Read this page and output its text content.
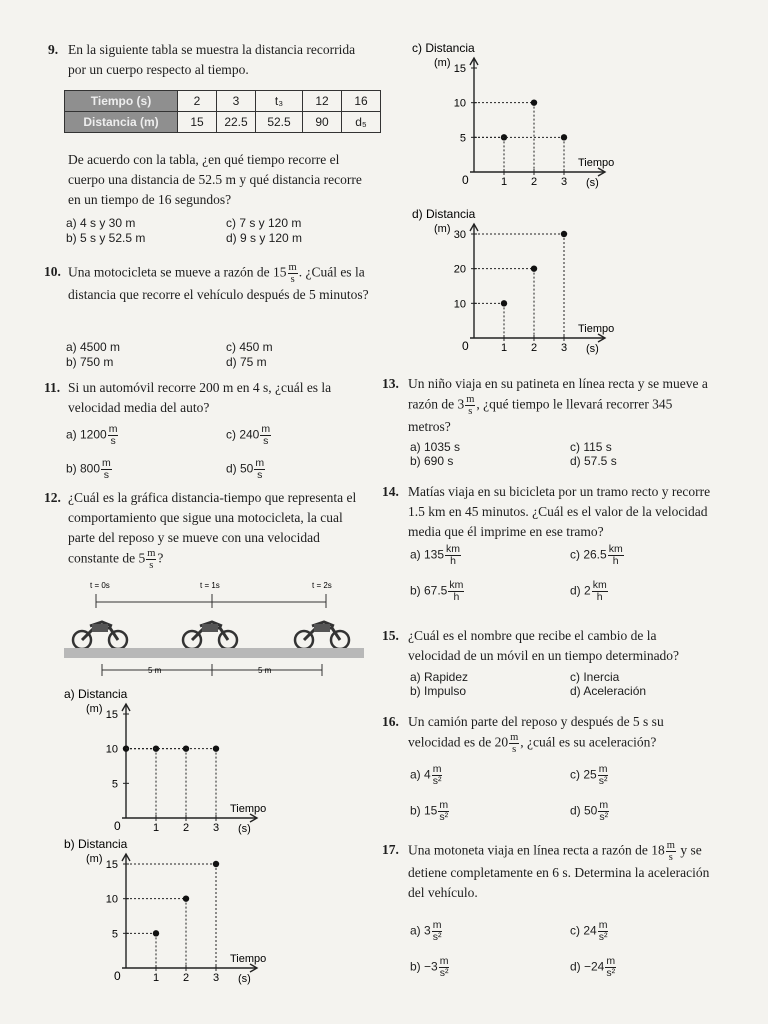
9. En la siguiente tabla se muestra la distancia recorrida por un cuerpo respecto al tiempo.
Tiempo (s)	2	3	t₃	12	16
Distancia (m)	15	22.5	52.5	90	d₅
De acuerdo con la tabla, ¿en qué tiempo recorre el cuerpo una distancia de 52.5 m y qué distancia recorre en un tiempo de 16 segundos?
a) 4 s y 30 m
b) 5 s y 52.5 m
c) 7 s y 120 m
d) 9 s y 120 m
10. Una motocicleta se mueve a razón de $15 \frac{m}{s}$ . ¿Cuál es la distancia que recorre el vehículo después de 5 minutos?
a) 4500 m
b) 750 m
c) 450 m
d) 75 m
11. Si un automóvil recorre 200 m en 4 s, ¿cuál es la velocidad media del auto?
a) $1200 \frac{m}{s}$
b) $800 \frac{m}{s}$
c) $240 \frac{m}{s}$
d) $50 \frac{m}{s}$
12. ¿Cuál es la gráfica distancia-tiempo que representa el comportamiento que sigue una motocicleta, la cual parte del reposo y se mueve con una velocidad constante de $5 \frac{m}{s}$ ?
t = 0s	t = 1s	t = 2s
5 m	5 m
a) Distancia
(m)
0
Tiempo
(s)
1 2 3
5
10
15
b) Distancia
(m)
0
Tiempo
(s)
1 2 3
5
10
15
c) Distancia
(m)
0
Tiempo
(s)
1 2 3
5
10
15
d) Distancia
(m)
0
Tiempo
(s)
1 2 3
10
20
30
13. Un niño viaja en su patineta en línea recta y se mueve a razón de $3 \frac{m}{s}$ , ¿qué tiempo le llevará recorrer 345 metros?
a) 1035 s
b) 690 s
c) 115 s
d) 57.5 s
14. Matías viaja en su bicicleta por un tramo recto y recorre 1.5 km en 45 minutos. ¿Cuál es el valor de la velocidad media que él imprime en ese tramo?
a) $135 \frac{km}{h}$
b) $67.5 \frac{km}{h}$
c) $26.5 \frac{km}{h}$
d) $2 \frac{km}{h}$
15. ¿Cuál es el nombre que recibe el cambio de la velocidad de un móvil en un tiempo determinado?
a) Rapidez
b) Impulso
c) Inercia
d) Aceleración
16. Un camión parte del reposo y después de 5 s su velocidad es de $20 \frac{m}{s}$ , ¿cuál es su aceleración?
a) $4 \frac{m}{\text{s²}}$
b) $15 \frac{m}{\text{s²}}$
c) $25 \frac{m}{\text{s²}}$
d) $50 \frac{m}{\text{s²}}$
17. Una motoneta viaja en línea recta a razón de $18 \frac{m}{s}$ y se detiene completamente en 6 s. Determina la aceleración del vehículo.
a) $3 \frac{m}{\text{s²}}$
$b) -3 \frac{m}{\text{s²}}$
c) $24 \frac{m}{\text{s²}}$
$d) -24 \frac{m}{\text{s²}}$
